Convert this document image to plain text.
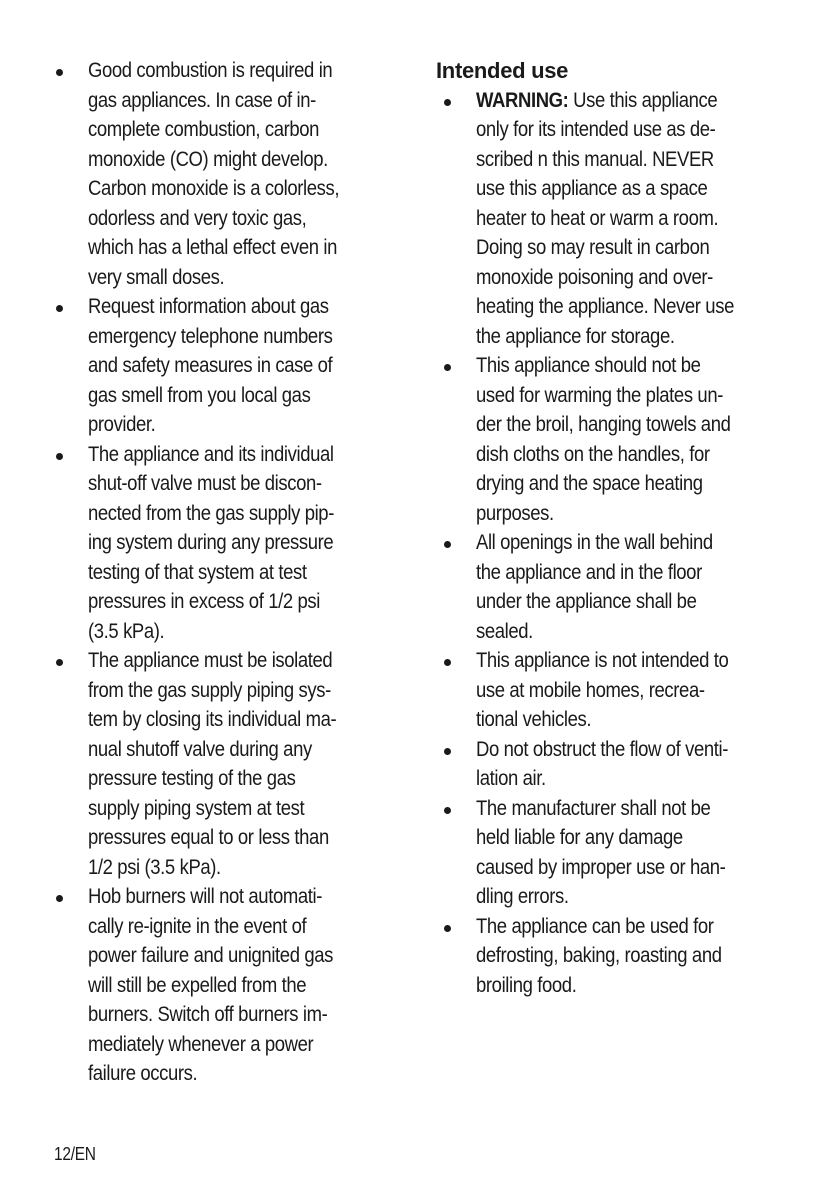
Good combustion is required in
gas appliances. In case of in-
complete combustion, carbon
monoxide (CO) might develop.
Carbon monoxide is a colorless,
odorless and very toxic gas,
which has a lethal effect even in
very small doses.
Request information about gas
emergency telephone numbers
and safety measures in case of
gas smell from you local gas
provider.
The appliance and its individual
shut-off valve must be discon-
nected from the gas supply pip-
ing system during any pressure
testing of that system at test
pressures in excess of 1/2 psi
(3.5 kPa).
The appliance must be isolated
from the gas supply piping sys-
tem by closing its individual ma-
nual shutoff valve during any
pressure testing of the gas
supply piping system at test
pressures equal to or less than
1/2 psi (3.5 kPa).
Hob burners will not automati-
cally re-ignite in the event of
power failure and unignited gas
will still be expelled from the
burners. Switch off burners im-
mediately whenever a power
failure occurs.
Intended use
WARNING: Use this appliance
only for its intended use as de-
scribed n this manual. NEVER
use this appliance as a space
heater to heat or warm a room.
Doing so may result in carbon
monoxide poisoning and over-
heating the appliance. Never use
the appliance for storage.
This appliance should not be
used for warming the plates un-
der the broil, hanging towels and
dish cloths on the handles, for
drying and the space heating
purposes.
All openings in the wall behind
the appliance and in the floor
under the appliance shall be
sealed.
This appliance is not intended to
use at mobile homes, recrea-
tional vehicles.
Do not obstruct the flow of venti-
lation air.
The manufacturer shall not be
held liable for any damage
caused by improper use or han-
dling errors.
The appliance can be used for
defrosting, baking, roasting and
broiling food.
12/EN
